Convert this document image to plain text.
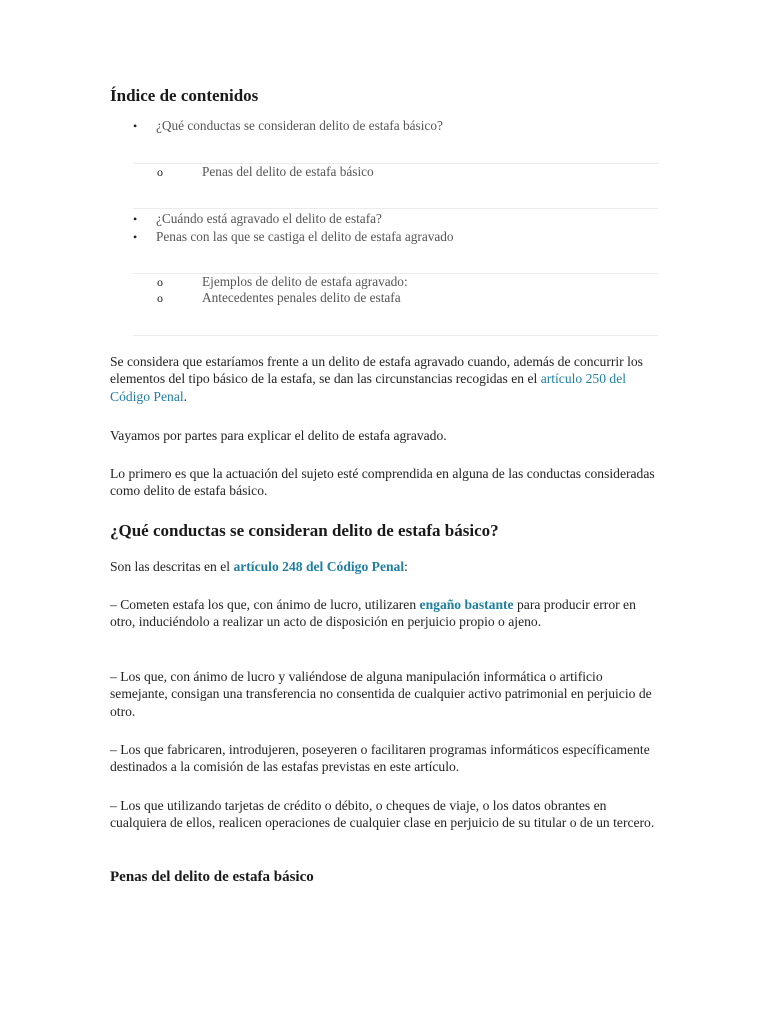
Índice de contenidos
• ¿Qué conductas se consideran delito de estafa básico?
o	Penas del delito de estafa básico
• ¿Cuándo está agravado el delito de estafa?
• Penas con las que se castiga el delito de estafa agravado
o	Ejemplos de delito de estafa agravado:
o	Antecedentes penales delito de estafa

Se considera que estaríamos frente a un delito de estafa agravado cuando, además de concurrir los elementos del tipo básico de la estafa, se dan las circunstancias recogidas en el artículo 250 del Código Penal.

Vayamos por partes para explicar el delito de estafa agravado.

Lo primero es que la actuación del sujeto esté comprendida en alguna de las conductas consideradas como delito de estafa básico.

¿Qué conductas se consideran delito de estafa básico?

Son las descritas en el artículo 248 del Código Penal:

– Cometen estafa los que, con ánimo de lucro, utilizaren engaño bastante para producir error en otro, induciéndolo a realizar un acto de disposición en perjuicio propio o ajeno.

– Los que, con ánimo de lucro y valiéndose de alguna manipulación informática o artificio semejante, consigan una transferencia no consentida de cualquier activo patrimonial en perjuicio de otro.

– Los que fabricaren, introdujeren, poseyeren o facilitaren programas informáticos específicamente destinados a la comisión de las estafas previstas en este artículo.

– Los que utilizando tarjetas de crédito o débito, o cheques de viaje, o los datos obrantes en cualquiera de ellos, realicen operaciones de cualquier clase en perjuicio de su titular o de un tercero.

Penas del delito de estafa básico
